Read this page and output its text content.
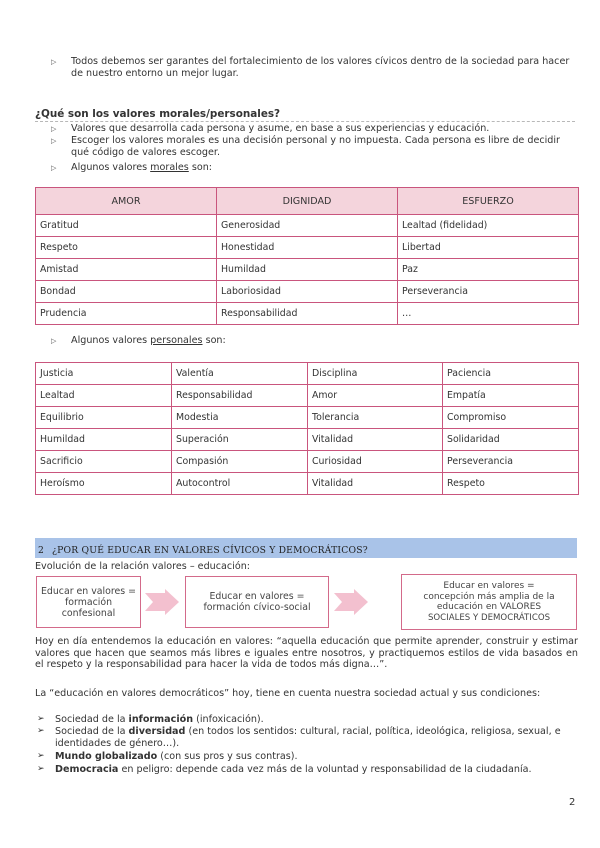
▷	Todos debemos ser garantes del fortalecimiento de los valores cívicos dentro de la sociedad para hacer de nuestro entorno un mejor lugar.
¿Qué son los valores morales/personales?
▷	Valores que desarrolla cada persona y asume, en base a sus experiencias y educación.
▷	Escoger los valores morales es una decisión personal y no impuesta. Cada persona es libre de decidir qué código de valores escoger.
▷	Algunos valores morales son:
AMOR	DIGNIDAD	ESFUERZO
Gratitud	Generosidad	Lealtad (fidelidad)
Respeto	Honestidad	Libertad
Amistad	Humildad	Paz
Bondad	Laboriosidad	Perseverancia
Prudencia	Responsabilidad	…
▷	Algunos valores personales son:
Justicia	Valentía	Disciplina	Paciencia
Lealtad	Responsabilidad	Amor	Empatía
Equilibrio	Modestia	Tolerancia	Compromiso
Humildad	Superación	Vitalidad	Solidaridad
Sacrificio	Compasión	Curiosidad	Perseverancia
Heroísmo	Autocontrol	Vitalidad	Respeto
2 ¿POR QUÉ EDUCAR EN VALORES CÍVICOS Y DEMOCRÁTICOS?
Evolución de la relación valores – educación:
Educar en valores =
formación confesional
Educar en valores =
formación cívico-social
Educar en valores =
concepción más amplia de la
educación en VALORES
SOCIALES Y DEMOCRÁTICOS
Hoy en día entendemos la educación en valores: “aquella educación que permite aprender, construir y estimar valores que hacen que seamos más libres e iguales entre nosotros, y practiquemos estilos de vida basados en el respeto y la responsabilidad para hacer la vida de todos más digna…”.
La “educación en valores democráticos” hoy, tiene en cuenta nuestra sociedad actual y sus condiciones:
➢ Sociedad de la información (infoxicación).
➢ Sociedad de la diversidad (en todos los sentidos: cultural, racial, política, ideológica, religiosa, sexual, e identidades de género…).
➢ Mundo globalizado (con sus pros y sus contras).
➢ Democracia en peligro: depende cada vez más de la voluntad y responsabilidad de la ciudadanía.
2
